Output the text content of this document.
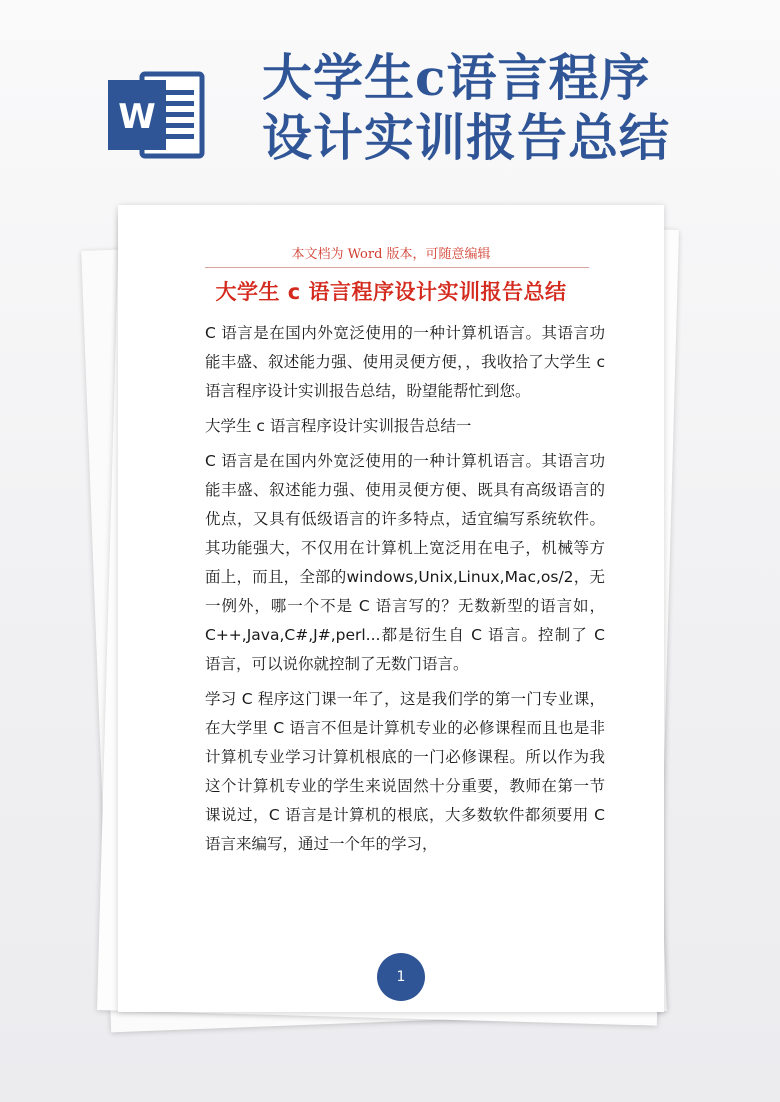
W
大学生c语言程序
设计实训报告总结
本文档为 Word 版本，可随意编辑
大学生 c 语言程序设计实训报告总结

C 语言是在国内外宽泛使用的一种计算机语言。其语言功能丰盛、叙述能力强、使用灵便方便，，我收拾了大学生 c 语言程序设计实训报告总结，盼望能帮忙到您。

大学生 c 语言程序设计实训报告总结一

C 语言是在国内外宽泛使用的一种计算机语言。其语言功能丰盛、叙述能力强、使用灵便方便、既具有高级语言的优点，又具有低级语言的许多特点，适宜编写系统软件。其功能强大，不仅用在计算机上宽泛用在电子，机械等方面上，而且，全部的windows,Unix,Linux,Mac,os/2，无一例外，哪一个不是 C 语言写的？无数新型的语言如，C++,Java,C#,J#,perl...都是衍生自 C 语言。控制了 C 语言，可以说你就控制了无数门语言。

学习 C 程序这门课一年了，这是我们学的第一门专业课，在大学里 C 语言不但是计算机专业的必修课程而且也是非计算机专业学习计算机根底的一门必修课程。所以作为我这个计算机专业的学生来说固然十分重要，教师在第一节课说过，C 语言是计算机的根底，大多数软件都须要用 C 语言来编写，通过一个年的学习，

1
